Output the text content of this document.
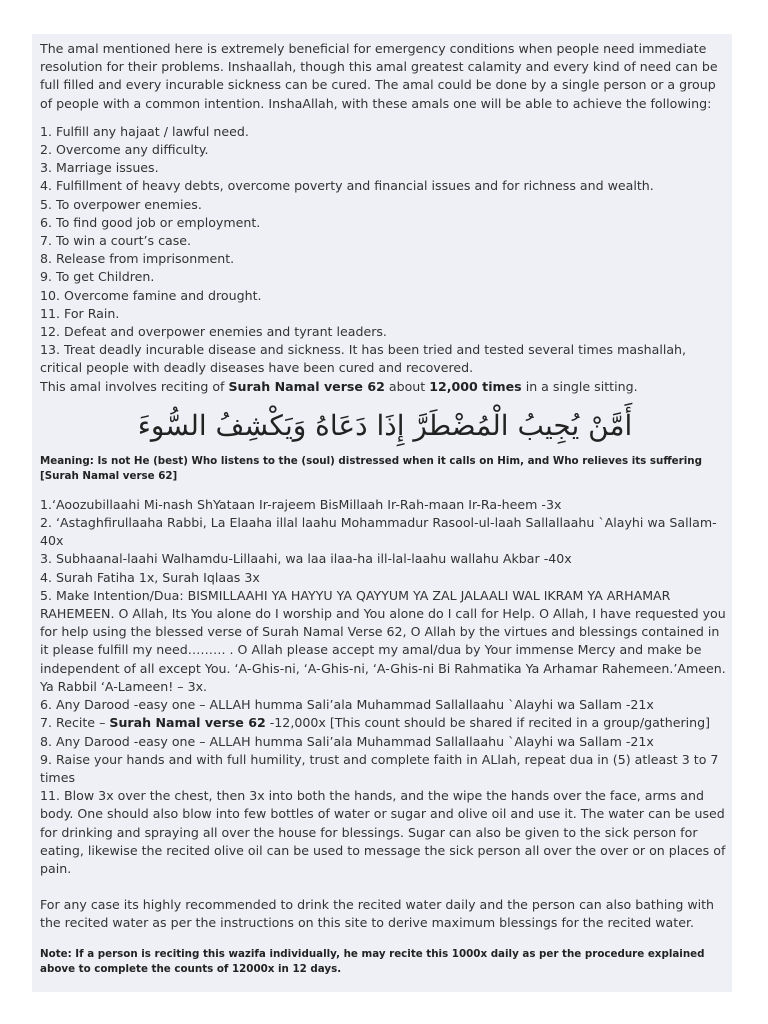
The amal mentioned here is extremely beneficial for emergency conditions when people need immediate resolution for their problems. Inshaallah, though this amal greatest calamity and every kind of need can be full filled and every incurable sickness can be cured. The amal could be done by a single person or a group of people with a common intention. InshaAllah, with these amals one will be able to achieve the following:

1. Fulfill any hajaat / lawful need.
2. Overcome any difficulty.
3. Marriage issues.
4. Fulfillment of heavy debts, overcome poverty and financial issues and for richness and wealth.
5. To overpower enemies.
6. To find good job or employment.
7. To win a court’s case.
8. Release from imprisonment.
9. To get Children.
10. Overcome famine and drought.
11. For Rain.
12. Defeat and overpower enemies and tyrant leaders.
13. Treat deadly incurable disease and sickness. It has been tried and tested several times mashallah, critical people with deadly diseases have been cured and recovered.

This amal involves reciting of Surah Namal verse 62 about 12,000 times in a single sitting.

أَمَّنْ يُجِيبُ الْمُضْطَرَّ إِذَا دَعَاهُ وَيَكْشِفُ السُّوءَ
Meaning: Is not He (best) Who listens to the (soul) distressed when it calls on Him, and Who relieves its suffering [Surah Namal verse 62]

1.‘Aoozubillaahi Mi-nash ShYataan Ir-rajeem BisMillaah Ir-Rah-maan Ir-Ra-heem -3x

2. ‘Astaghfirullaaha Rabbi, La Elaaha illal laahu Mohammadur Rasool-ul-laah Sallallaahu `Alayhi wa Sallam-40x

3. Subhaanal-laahi Walhamdu-Lillaahi, wa laa ilaa-ha ill-lal-laahu wallahu Akbar -40x

4. Surah Fatiha 1x, Surah Iqlaas 3x

5. Make Intention/Dua: BISMILLAAHI YA HAYYU YA QAYYUM YA ZAL JALAALI WAL IKRAM YA ARHAMAR RAHEMEEN. O Allah, Its You alone do I worship and You alone do I call for Help. O Allah, I have requested you for help using the blessed verse of Surah Namal Verse 62, O Allah by the virtues and blessings contained in it please fulfill my need……… . O Allah please accept my amal/dua by Your immense Mercy and make be independent of all except You. ‘A-Ghis-ni, ‘A-Ghis-ni, ‘A-Ghis-ni Bi Rahmatika Ya Arhamar Rahemeen.’Ameen. Ya Rabbil ‘A-Lameen! – 3x.

6. Any Darood -easy one – ALLAH humma Sali’ala Muhammad Sallallaahu `Alayhi wa Sallam -21x

7. Recite – Surah Namal verse 62 -12,000x [This count should be shared if recited in a group/gathering]

8. Any Darood -easy one – ALLAH humma Sali’ala Muhammad Sallallaahu `Alayhi wa Sallam -21x

9. Raise your hands and with full humility, trust and complete faith in ALlah, repeat dua in (5) atleast 3 to 7 times

11. Blow 3x over the chest, then 3x into both the hands, and the wipe the hands over the face, arms and body. One should also blow into few bottles of water or sugar and olive oil and use it. The water can be used for drinking and spraying all over the house for blessings. Sugar can also be given to the sick person for eating, likewise the recited olive oil can be used to message the sick person all over the over or on places of pain.

For any case its highly recommended to drink the recited water daily and the person can also bathing with the recited water as per the instructions on this site to derive maximum blessings for the recited water.

Note: If a person is reciting this wazifa individually, he may recite this 1000x daily as per the procedure explained above to complete the counts of 12000x in 12 days.
